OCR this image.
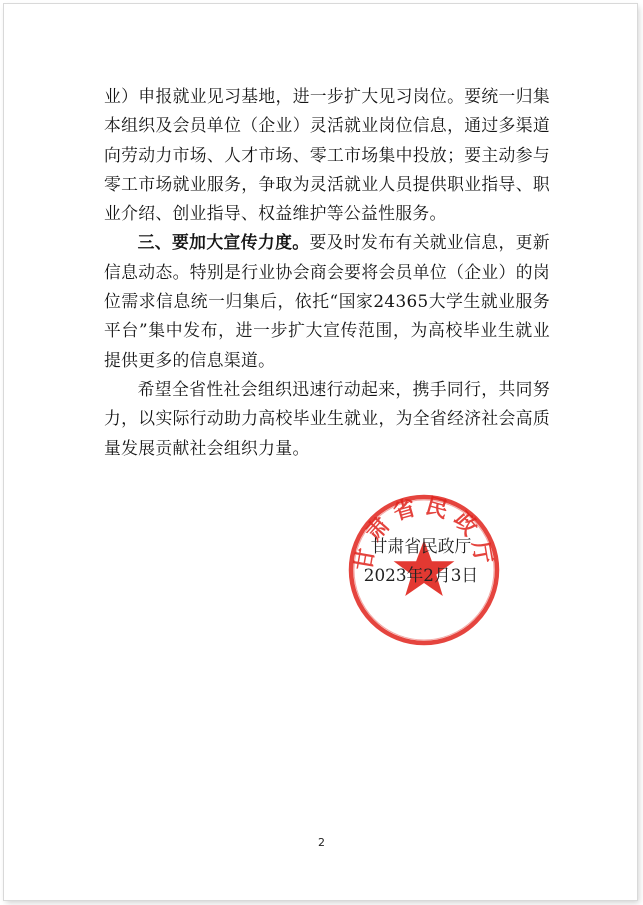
业）申报就业见习基地，进一步扩大见习岗位。要统一归集本组织及会员单位（企业）灵活就业岗位信息，通过多渠道向劳动力市场、人才市场、零工市场集中投放；要主动参与零工市场就业服务，争取为灵活就业人员提供职业指导、职业介绍、创业指导、权益维护等公益性服务。

三、要加大宣传力度。要及时发布有关就业信息，更新信息动态。特别是行业协会商会要将会员单位（企业）的岗位需求信息统一归集后，依托“国家24365大学生就业服务平台”集中发布，进一步扩大宣传范围，为高校毕业生就业提供更多的信息渠道。

希望全省性社会组织迅速行动起来，携手同行，共同努力，以实际行动助力高校毕业生就业，为全省经济社会高质量发展贡献社会组织力量。

甘肃省民政厅
甘肃省民政厅
2023年2月3日
2
